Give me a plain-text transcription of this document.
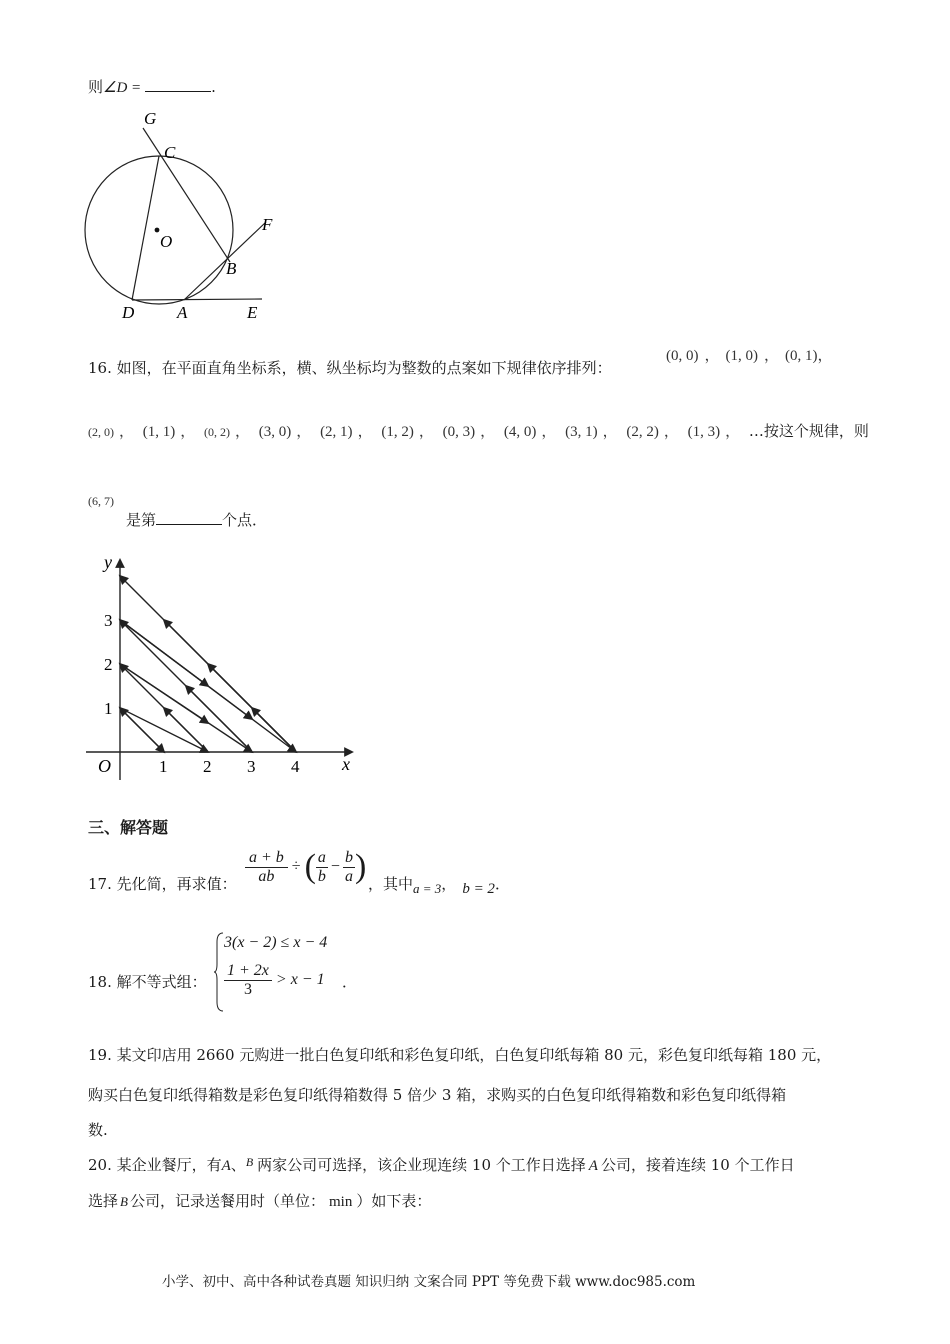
则∠D =	.
G
C
O
F
B
D	A	E
16. 如图，在平面直角坐标系，横、纵坐标均为整数的点案如下规律依序排列：
(0, 0) ， (1, 0) ， (0, 1)，
(2, 0) ， (1, 1) ， (0, 2) ， (3, 0) ， (2, 1) ， (1, 2) ， (0, 3) ， (4, 0) ， (3, 1) ， (2, 2) ， (1, 3) ， …按这个规律，则
$^{(6, 7)}$
是第	个点．
y
x
O	1 2 3 4
1
2
3
三、解答题
17. 先化简，再求值： $\frac{a + b}{ab}$ ÷ ( $\frac{a}{b} - \frac{b}{a}$ ) ，其中a = 3， b = 2．
18. 解不等式组：
3(x − 2) ≤ x − 4
$\frac{1 + 2x}{3} > x - 1$ ．
19. 某文印店用 2660 元购进一批白色复印纸和彩色复印纸，白色复印纸每箱 80 元，彩色复印纸每箱 180 元，
购买白色复印纸得箱数是彩色复印纸得箱数得 5 倍少 3 箱，求购买的白色复印纸得箱数和彩色复印纸得箱
数.
20. 某企业餐厅，有A、$^B$ 两家公司可选择，该企业现连续 10 个工作日选择 A 公司，接着连续 10 个工作日
选择 B 公司，记录送餐用时（单位： min ）如下表：
小学、初中、高中各种试卷真题 知识归纳 文案合同 PPT 等免费下载 www.doc985.com
